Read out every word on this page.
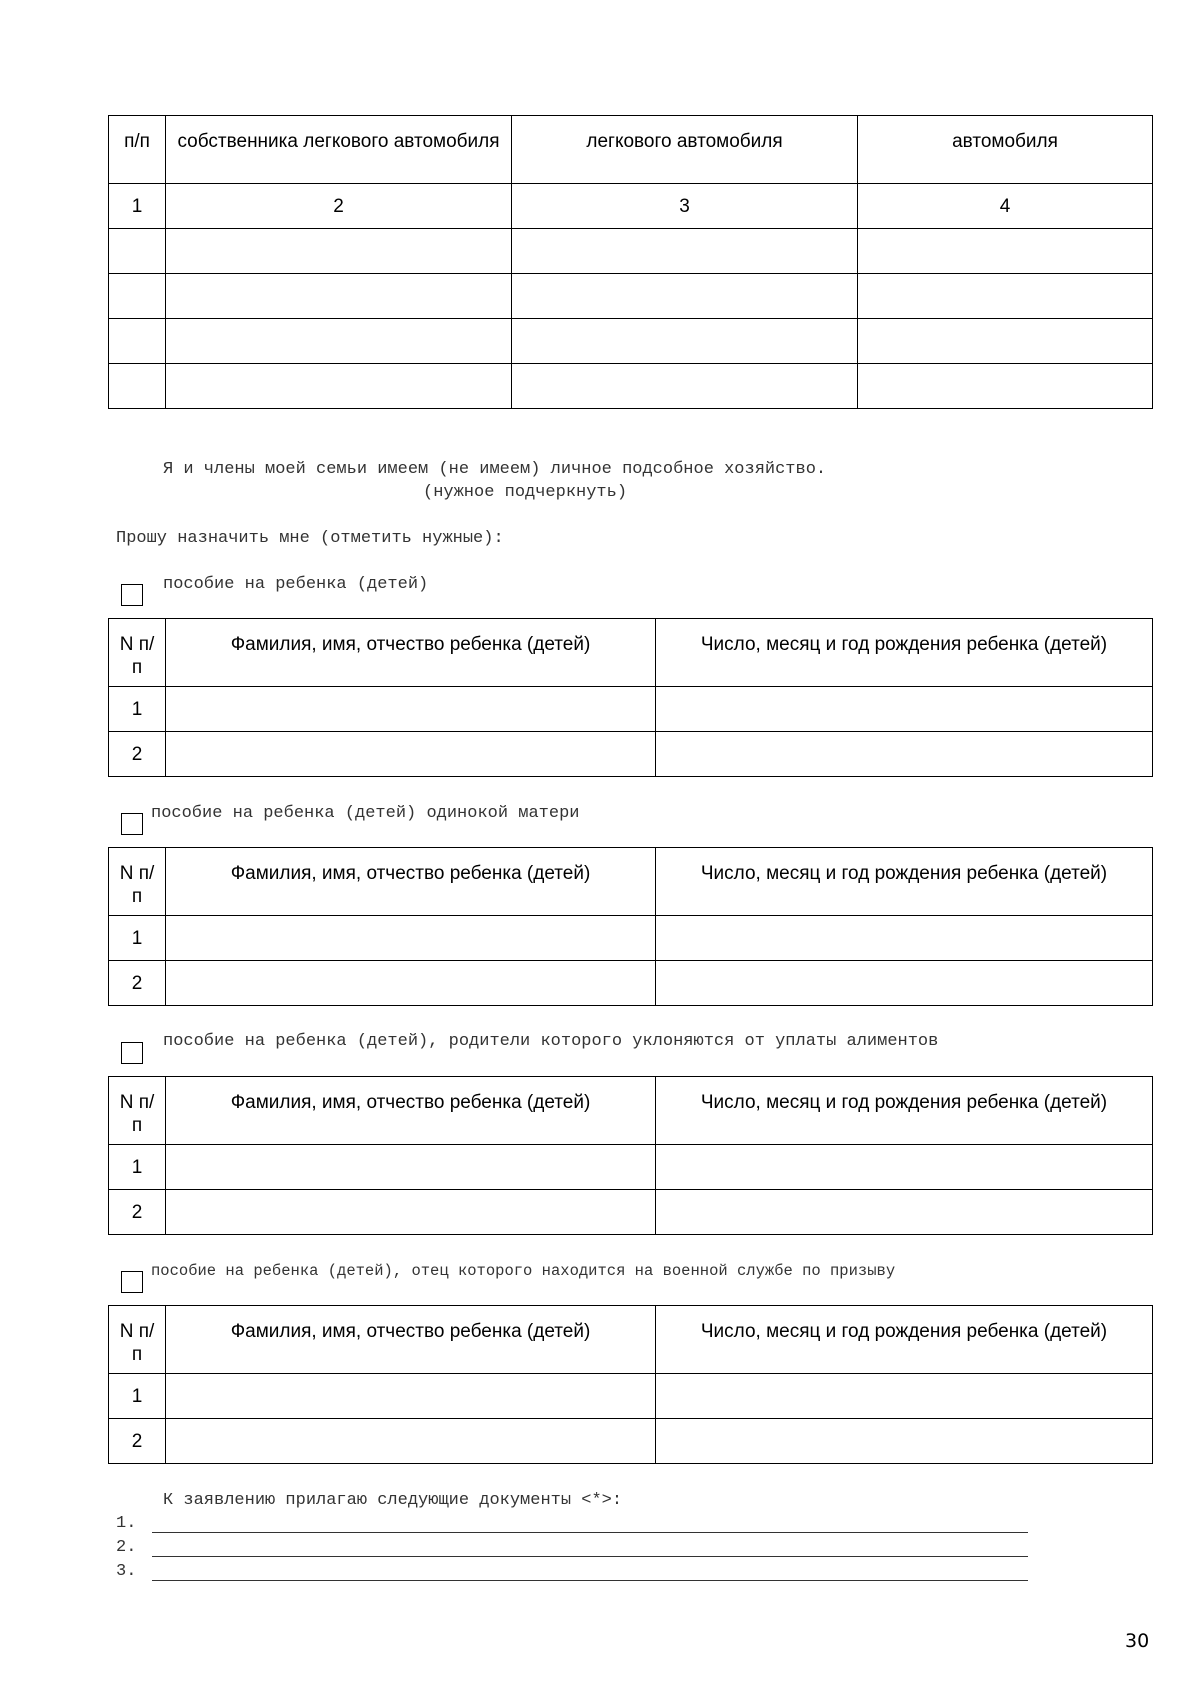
п/п	собственника легкового автомобиля	легкового автомобиля	автомобиля
1	2	3	4

Я и члены моей семьи имеем (не имеем) личное подсобное хозяйство.
(нужное подчеркнуть)
Прошу назначить мне (отметить нужные):
пособие на ребенка (детей)
N п/п	Фамилия, имя, отчество ребенка (детей)	Число, месяц и год рождения ребенка (детей)
1		
2		
пособие на ребенка (детей) одинокой матери
N п/п	Фамилия, имя, отчество ребенка (детей)	Число, месяц и год рождения ребенка (детей)
1		
2		
пособие на ребенка (детей), родители которого уклоняются от уплаты алиментов
N п/п	Фамилия, имя, отчество ребенка (детей)	Число, месяц и год рождения ребенка (детей)
1		
2		
пособие на ребенка (детей), отец которого находится на военной службе по призыву
N п/п	Фамилия, имя, отчество ребенка (детей)	Число, месяц и год рождения ребенка (детей)
1		
2		
К заявлению прилагаю следующие документы <*>:
1.
2.
3.
30
